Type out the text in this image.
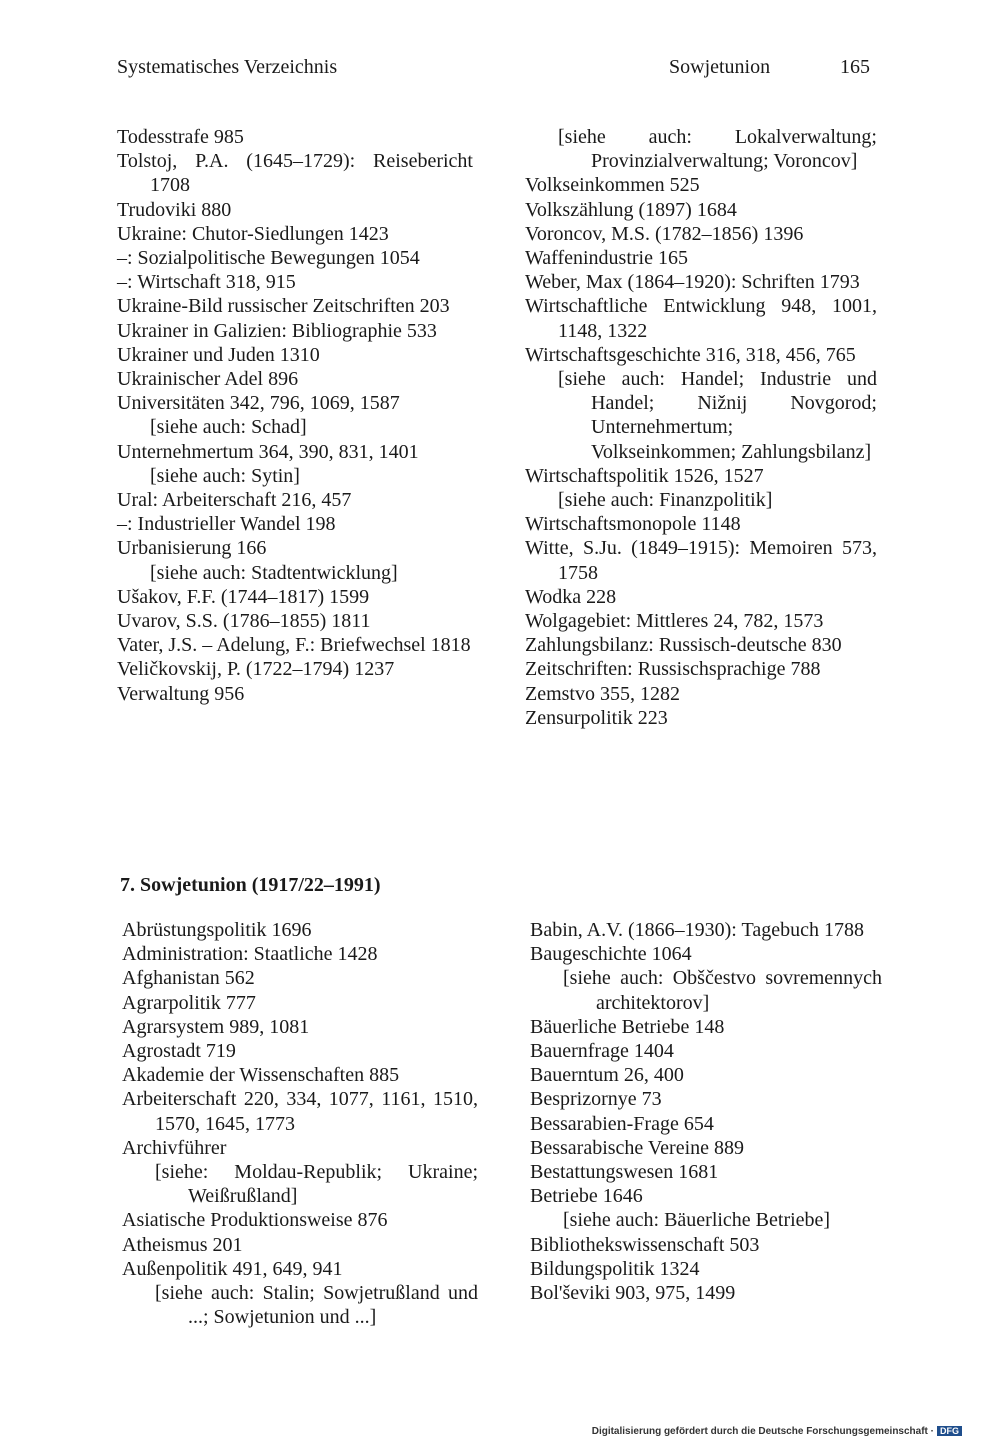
Systematisches Verzeichnis	Sowjetunion	165
Todesstrafe 985
Tolstoj, P.A. (1645–1729): Reisebericht 1708
Trudoviki 880
Ukraine: Chutor-Siedlungen 1423
–: Sozialpolitische Bewegungen 1054
–: Wirtschaft 318, 915
Ukraine-Bild russischer Zeitschriften 203
Ukrainer in Galizien: Bibliographie 533
Ukrainer und Juden 1310
Ukrainischer Adel 896
Universitäten 342, 796, 1069, 1587
[siehe auch: Schad]
Unternehmertum 364, 390, 831, 1401
[siehe auch: Sytin]
Ural: Arbeiterschaft 216, 457
–: Industrieller Wandel 198
Urbanisierung 166
[siehe auch: Stadtentwicklung]
Ušakov, F.F. (1744–1817) 1599
Uvarov, S.S. (1786–1855) 1811
Vater, J.S. – Adelung, F.: Briefwechsel 1818
Veličkovskij, P. (1722–1794) 1237
Verwaltung 956
[siehe auch: Lokalverwaltung; Provinzialverwaltung; Voroncov]
Volkseinkommen 525
Volkszählung (1897) 1684
Voroncov, M.S. (1782–1856) 1396
Waffenindustrie 165
Weber, Max (1864–1920): Schriften 1793
Wirtschaftliche Entwicklung 948, 1001, 1148, 1322
Wirtschaftsgeschichte 316, 318, 456, 765
[siehe auch: Handel; Industrie und Handel; Nižnij Novgorod; Unternehmertum; Volkseinkommen; Zahlungsbilanz]
Wirtschaftspolitik 1526, 1527
[siehe auch: Finanzpolitik]
Wirtschaftsmonopole 1148
Witte, S.Ju. (1849–1915): Memoiren 573, 1758
Wodka 228
Wolgagebiet: Mittleres 24, 782, 1573
Zahlungsbilanz: Russisch-deutsche 830
Zeitschriften: Russischsprachige 788
Zemstvo 355, 1282
Zensurpolitik 223
7. Sowjetunion (1917/22–1991)
Abrüstungspolitik 1696
Administration: Staatliche 1428
Afghanistan 562
Agrarpolitik 777
Agrarsystem 989, 1081
Agrostadt 719
Akademie der Wissenschaften 885
Arbeiterschaft 220, 334, 1077, 1161, 1510, 1570, 1645, 1773
Archivführer
[siehe: Moldau-Republik; Ukraine; Weißrußland]
Asiatische Produktionsweise 876
Atheismus 201
Außenpolitik 491, 649, 941
[siehe auch: Stalin; Sowjetrußland und ...; Sowjetunion und ...]
Babin, A.V. (1866–1930): Tagebuch 1788
Baugeschichte 1064
[siehe auch: Obščestvo sovremennych architektorov]
Bäuerliche Betriebe 148
Bauernfrage 1404
Bauerntum 26, 400
Besprizornye 73
Bessarabien-Frage 654
Bessarabische Vereine 889
Bestattungswesen 1681
Betriebe 1646
[siehe auch: Bäuerliche Betriebe]
Bibliothekswissenschaft 503
Bildungspolitik 1324
Bol'ševiki 903, 975, 1499
Digitalisierung gefördert durch die Deutsche Forschungsgemeinschaft · DFG
